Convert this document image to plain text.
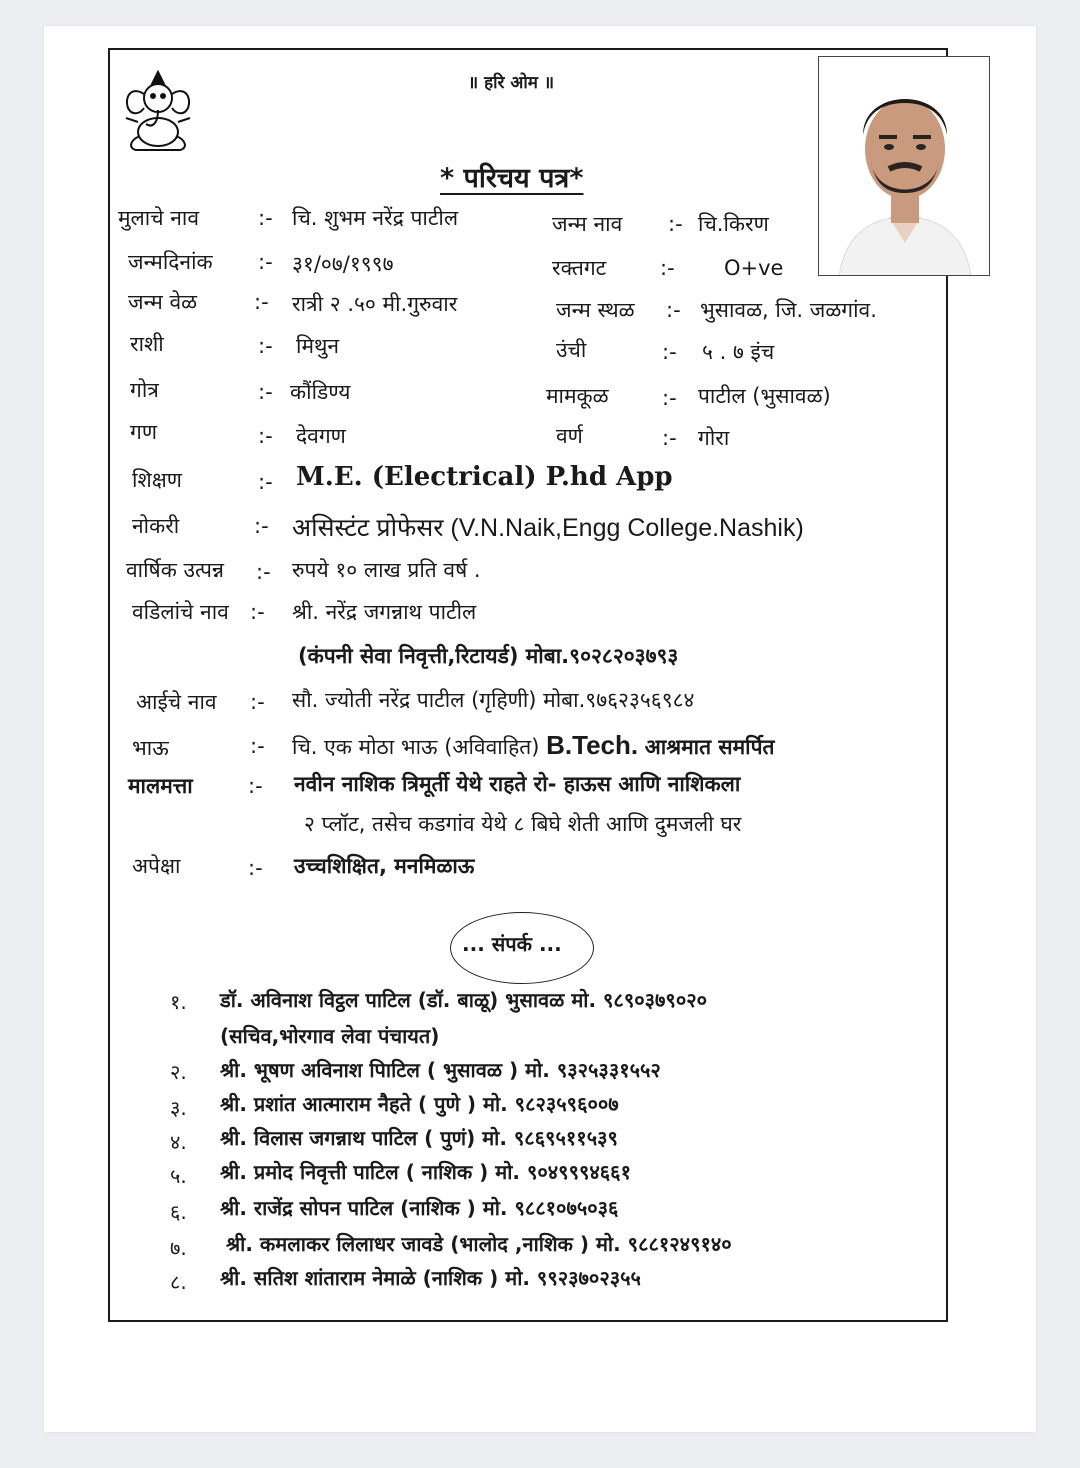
॥ हरि ओम ॥
* परिचय पत्र*
मुलाचे नाव	:- चि. शुभम नरेंद्र पाटील	जन्म नाव :- चि.किरण
जन्मदिनांक :- ३१/०७/१९९७	रक्तगट	:- O+ve
जन्म वेळ	:- रात्री २ .५० मी.गुरुवार	जन्म स्थळ :- भुसावळ, जि. जळगांव.
राशी	:- मिथुन	उंची	:- ५ . ७ इंच
गोत्र	:- कौंडिण्य	मामकूळ	:- पाटील (भुसावळ)
गण	:- देवगण	वर्ण	:- गोरा
शिक्षण	:- M.E. (Electrical) P.hd App
नोकरी	:- असिस्टंट प्रोफेसर (V.N.Naik,Engg College.Nashik)
वार्षिक उत्पन्न :- रुपये १० लाख प्रति वर्ष .
वडिलांचे नाव :- श्री. नरेंद्र जगन्नाथ पाटील
(कंपनी सेवा निवृत्ती,रिटायर्ड) मोबा.९०२८२०३७९३
आईचे नाव :- सौ. ज्योती नरेंद्र पाटील (गृहिणी) मोबा.९७६२३५६९८४
भाऊ	:- चि. एक मोठा भाऊ (अविवाहित) B.Tech. आश्रमात समर्पित
मालमत्ता	:- नवीन नाशिक त्रिमूर्ती येथे राहते रो- हाऊस आणि नाशिकला
२ प्लॉट, तसेच कडगांव येथे ८ बिघे शेती आणि दुमजली घर
अपेक्षा	:- उच्चशिक्षित, मनमिळाऊ
... संपर्क ...
१. डॉ. अविनाश विट्ठल पाटिल (डॉ. बाळू) भुसावळ मो. ९८९०३७९०२०
(सचिव,भोरगाव लेवा पंचायत)
२. श्री. भूषण अविनाश पिाटिल ( भुसावळ ) मो. ९३२५३३१५५२
३. श्री. प्रशांत आत्माराम नैहते ( पुणे ) मो. ९८२३५९६००७
४. श्री. विलास जगन्नाथ पाटिल ( पुणं) मो. ९८६९५११५३९
५. श्री. प्रमोद निवृत्ती पाटिल ( नाशिक ) मो. ९०४९९९४६६१
६. श्री. राजेंद्र सोपन पाटिल (नाशिक ) मो. ९८८१०७५०३६
७. श्री. कमलाकर लिलाधर जावडे (भालोद ,नाशिक ) मो. ९८८१२४९१४०
८. श्री. सतिश शांताराम नेमाळे (नाशिक ) मो. ९९२३७०२३५५
